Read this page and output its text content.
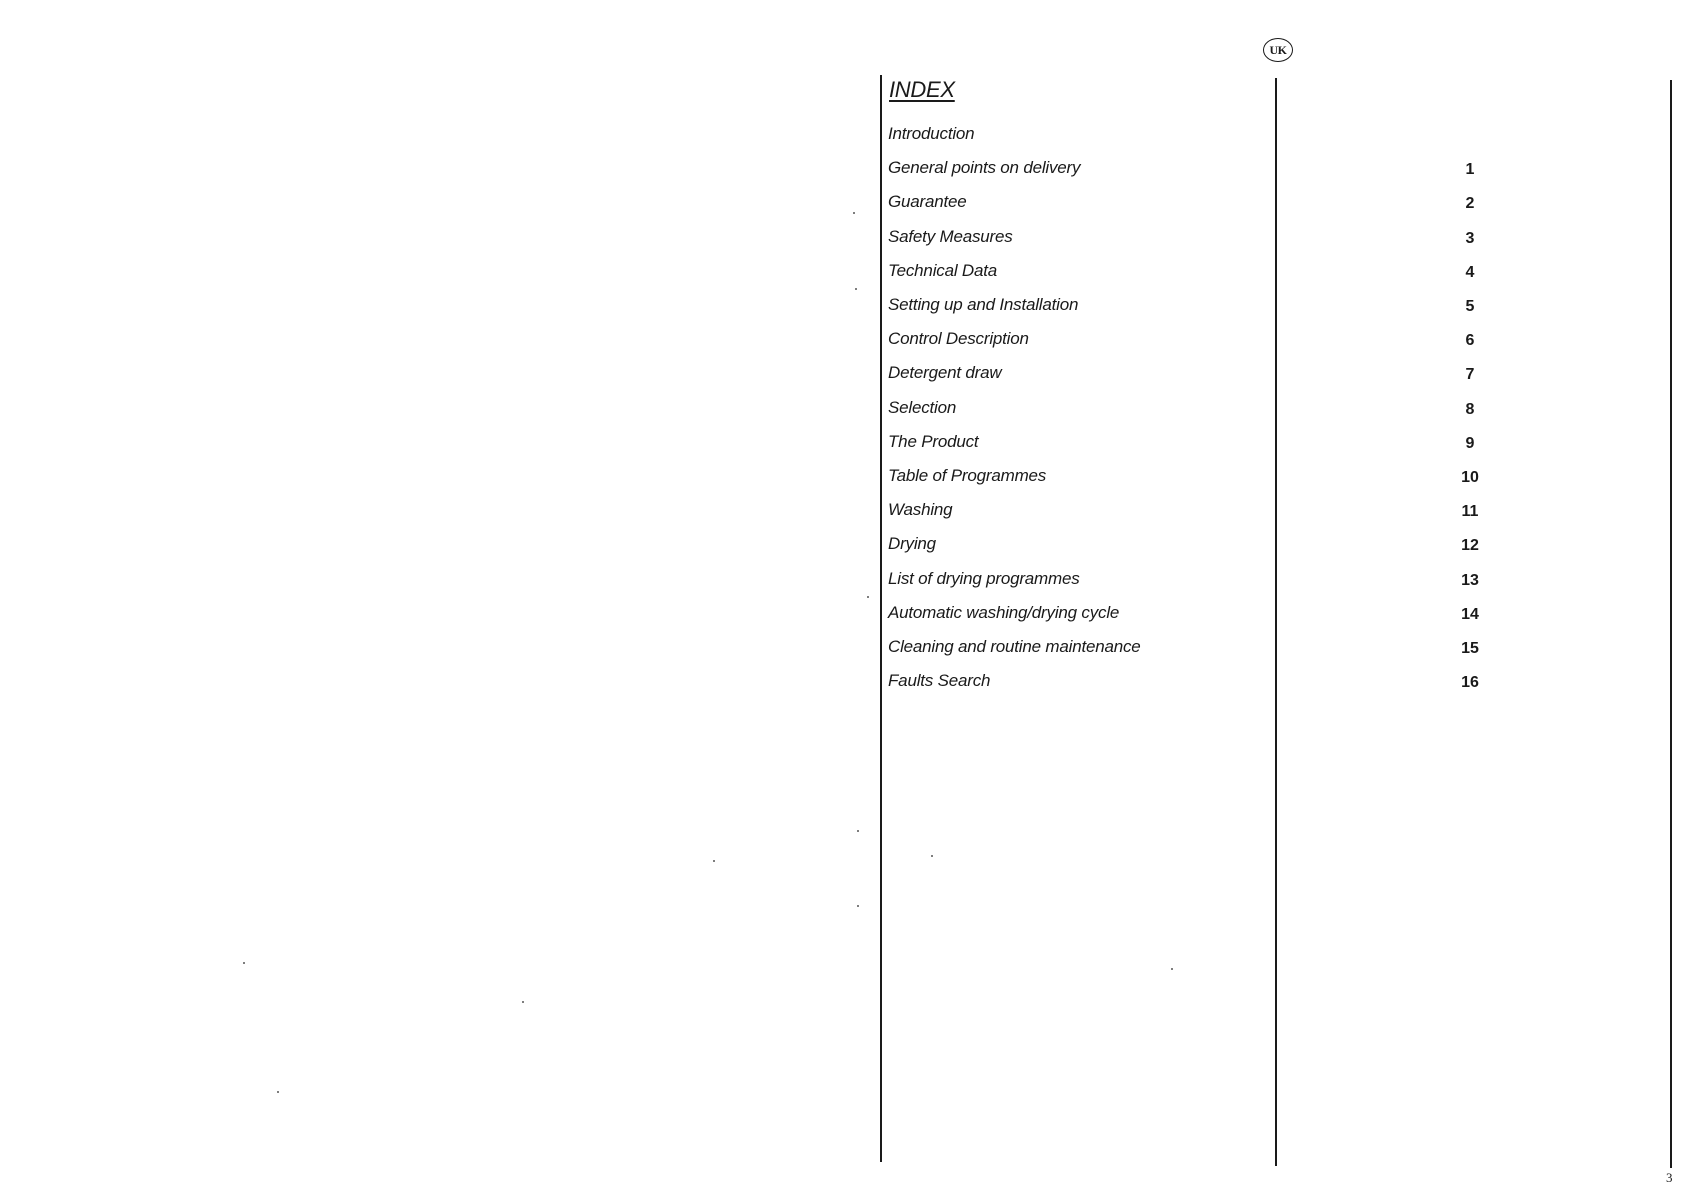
UK
INDEX
Introduction
General points on delivery	1
Guarantee	2
Safety Measures	3
Technical Data	4
Setting up and Installation	5
Control Description	6
Detergent draw	7
Selection	8
The Product	9
Table of Programmes	10
Washing	11
Drying	12
List of drying programmes	13
Automatic washing/drying cycle	14
Cleaning and routine maintenance	15
Faults Search	16
3
